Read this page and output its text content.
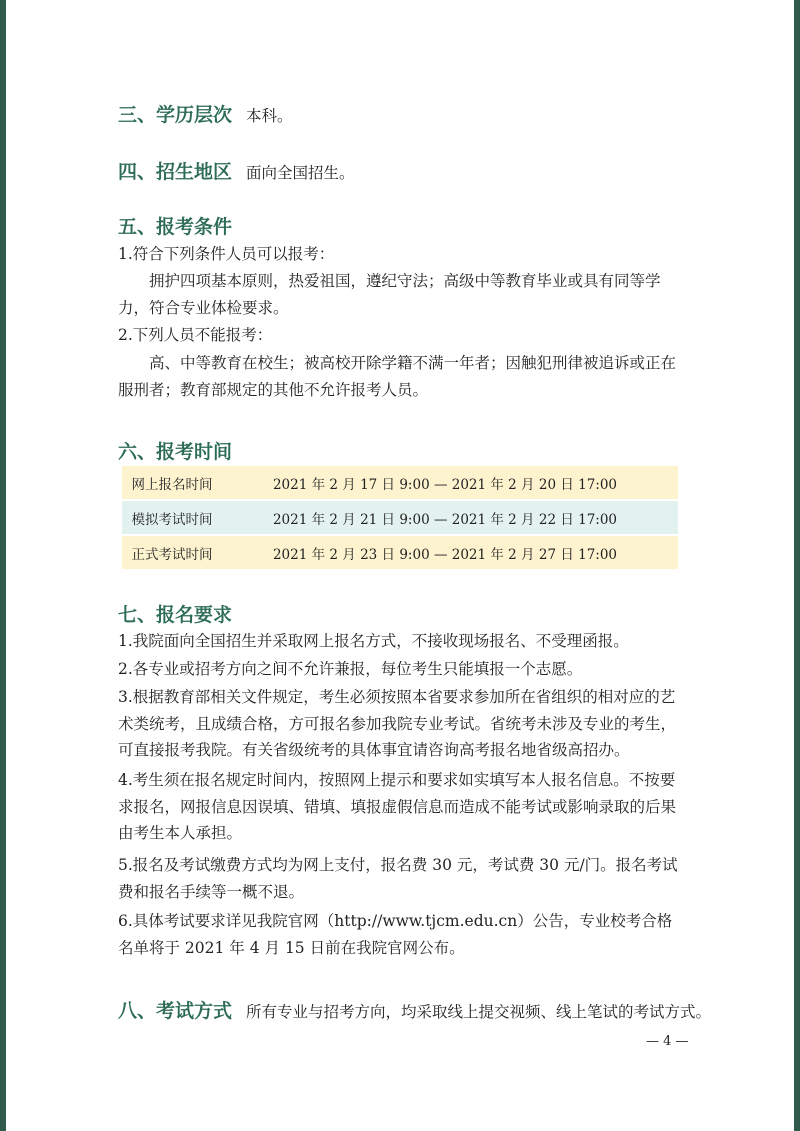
三、学历层次 本科。
四、招生地区 面向全国招生。
五、报考条件

1.符合下列条件人员可以报考：

拥护四项基本原则，热爱祖国，遵纪守法；高级中等教育毕业或具有同等学力，符合专业体检要求。

2.下列人员不能报考：

高、中等教育在校生；被高校开除学籍不满一年者；因触犯刑律被追诉或正在服刑者；教育部规定的其他不允许报考人员。

六、报考时间
网上报名时间	2021 年 2 月 17 日 9:00 — 2021 年 2 月 20 日 17:00
模拟考试时间	2021 年 2 月 21 日 9:00 — 2021 年 2 月 22 日 17:00
正式考试时间	2021 年 2 月 23 日 9:00 — 2021 年 2 月 27 日 17:00
七、报名要求

1.我院面向全国招生并采取网上报名方式，不接收现场报名、不受理函报。

2.各专业或招考方向之间不允许兼报，每位考生只能填报一个志愿。

3.根据教育部相关文件规定，考生必须按照本省要求参加所在省组织的相对应的艺术类统考，且成绩合格，方可报名参加我院专业考试。省统考未涉及专业的考生，可直接报考我院。有关省级统考的具体事宜请咨询高考报名地省级高招办。

4.考生须在报名规定时间内，按照网上提示和要求如实填写本人报名信息。不按要求报名，网报信息因误填、错填、填报虚假信息而造成不能考试或影响录取的后果由考生本人承担。

5.报名及考试缴费方式均为网上支付，报名费 30 元，考试费 30 元/门。报名考试费和报名手续等一概不退。

6.具体考试要求详见我院官网（http://www.tjcm.edu.cn）公告，专业校考合格名单将于 2021 年 4 月 15 日前在我院官网公布。

八、考试方式 所有专业与招考方向，均采取线上提交视频、线上笔试的考试方式。
— 4 —
